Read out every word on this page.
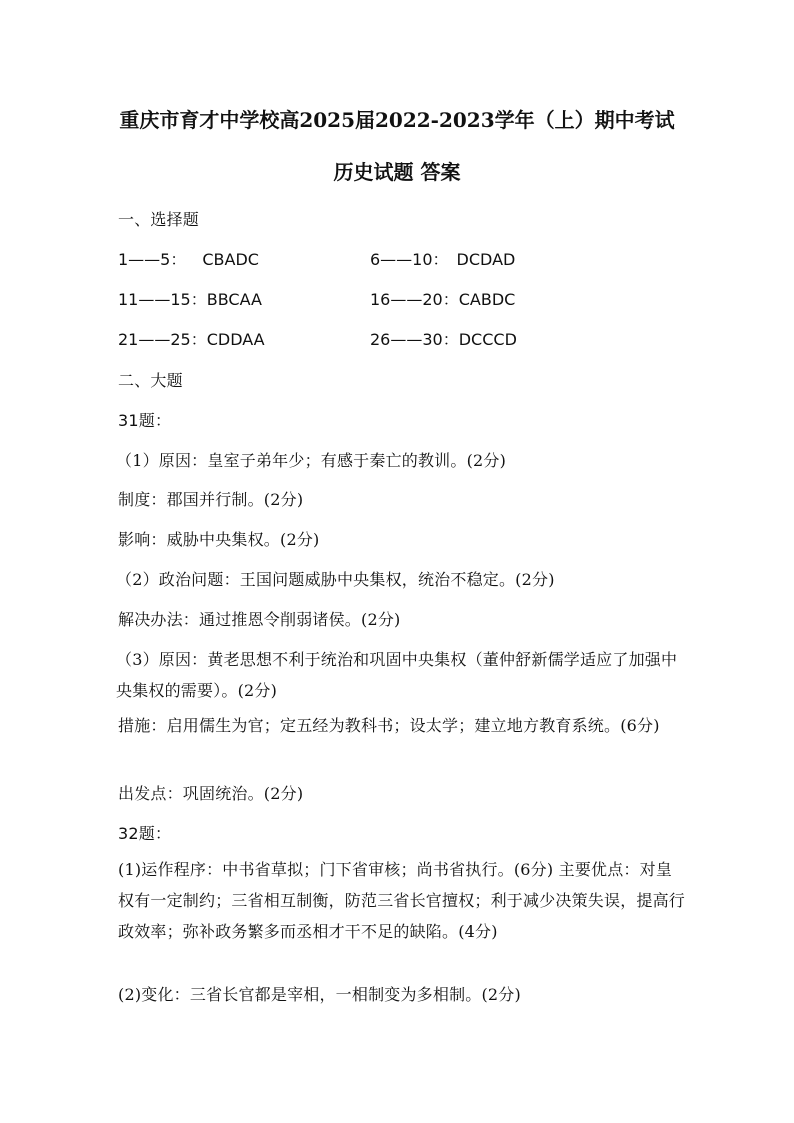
重庆市育才中学校高2025届2022-2023学年（上）期中考试
历史试题 答案
一、选择题
1——5： CBADC	6——10： DCDAD
11——15：BBCAA	16——20：CABDC
21——25：CDDAA	26——30：DCCCD
二、大题
31题：
（1）原因：皇室子弟年少；有感于秦亡的教训。(2分)
制度：郡国并行制。(2分)
影响：威胁中央集权。(2分)
（2）政治问题：王国问题威胁中央集权，统治不稳定。(2分)
解决办法：通过推恩令削弱诸侯。(2分)
（3）原因：黄老思想不利于统治和巩固中央集权（董仲舒新儒学适应了加强中央集权的需要）。(2分)
措施：启用儒生为官；定五经为教科书；设太学；建立地方教育系统。(6分)
出发点：巩固统治。(2分)
32题：
(1)运作程序：中书省草拟；门下省审核；尚书省执行。(6分) 主要优点：对皇权有一定制约；三省相互制衡，防范三省长官擅权；利于减少决策失误，提高行政效率；弥补政务繁多而丞相才干不足的缺陷。(4分)
(2)变化：三省长官都是宰相，一相制变为多相制。(2分)
